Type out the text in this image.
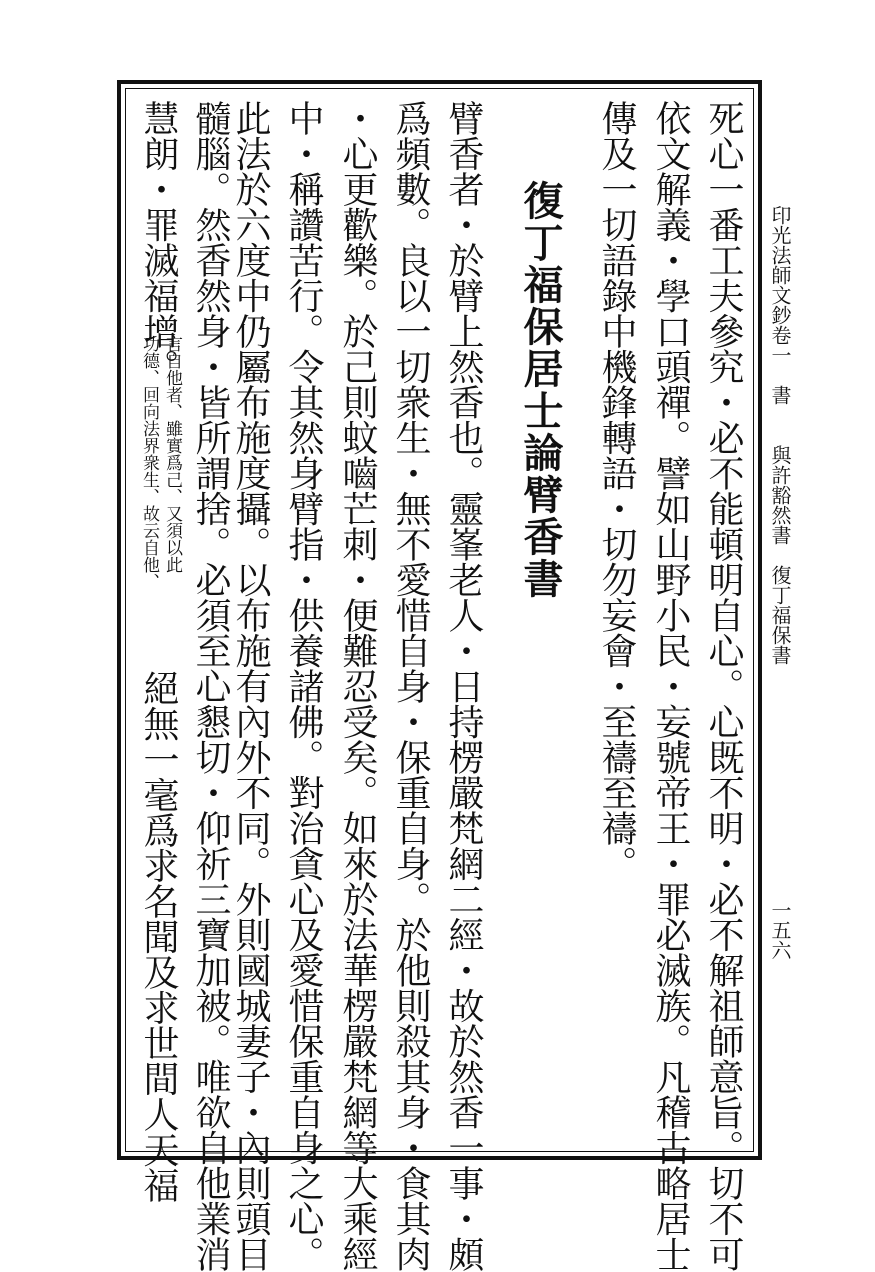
印光法師文鈔卷一　書　　與許豁然書　復丁福保書
一五六
死心一番工夫參究・必不能頓明自心。心既不明・必不解祖師意旨。切不可
依文解義・學口頭禪。譬如山野小民・妄號帝王・罪必滅族。凡稽古略居士
傳及一切語錄中機鋒轉語・切勿妄會・至禱至禱。
復丁福保居士論臂香書
臂香者・於臂上然香也。靈峯老人・日持楞嚴梵網二經・故於然香一事・頗
爲頻數。良以一切衆生・無不愛惜自身・保重自身。於他則殺其身・食其肉
・心更歡樂。於己則蚊嚙芒刺・便難忍受矣。如來於法華楞嚴梵網等大乘經
中・稱讚苦行。令其然身臂指・供養諸佛。對治貪心及愛惜保重自身之心。
此法於六度中仍屬布施度攝。以布施有內外不同。外則國城妻子・內則頭目
髓腦。然香然身・皆所謂捨。必須至心懇切・仰祈三寶加被。唯欲自他業消
慧朗・罪滅福增。
言自他者、雖實爲己、又須以此
功德、回向法界衆生、故云自他、
絕無一毫爲求名聞及求世間人天福
